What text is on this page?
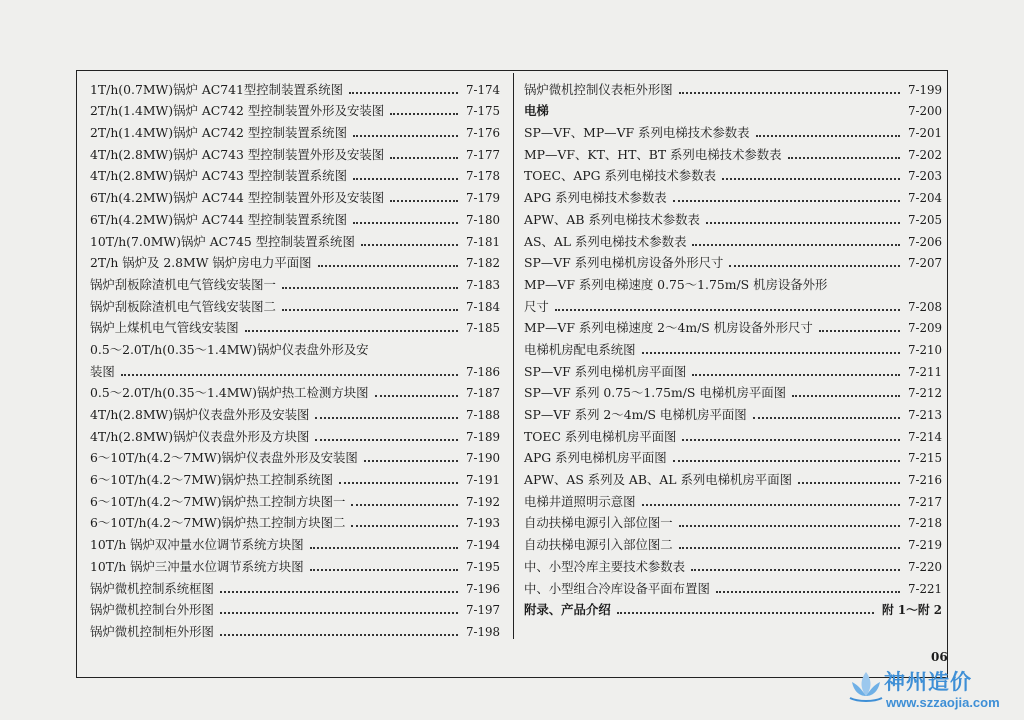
1T/h(0.7MW)锅炉 AC741型控制装置系统图	7-174
2T/h(1.4MW)锅炉 AC742 型控制装置外形及安装图	7-175
2T/h(1.4MW)锅炉 AC742 型控制装置系统图	7-176
4T/h(2.8MW)锅炉 AC743 型控制装置外形及安装图	7-177
4T/h(2.8MW)锅炉 AC743 型控制装置系统图	7-178
6T/h(4.2MW)锅炉 AC744 型控制装置外形及安装图	7-179
6T/h(4.2MW)锅炉 AC744 型控制装置系统图	7-180
10T/h(7.0MW)锅炉 AC745 型控制装置系统图	7-181
2T/h 锅炉及 2.8MW 锅炉房电力平面图	7-182
锅炉刮板除渣机电气管线安装图一	7-183
锅炉刮板除渣机电气管线安装图二	7-184
锅炉上煤机电气管线安装图	7-185
0.5～2.0T/h(0.35～1.4MW)锅炉仪表盘外形及安
装图	7-186
0.5～2.0T/h(0.35～1.4MW)锅炉热工检测方块图	7-187
4T/h(2.8MW)锅炉仪表盘外形及安装图	7-188
4T/h(2.8MW)锅炉仪表盘外形及方块图	7-189
6～10T/h(4.2～7MW)锅炉仪表盘外形及安装图	7-190
6～10T/h(4.2～7MW)锅炉热工控制系统图	7-191
6～10T/h(4.2～7MW)锅炉热工控制方块图一	7-192
6～10T/h(4.2～7MW)锅炉热工控制方块图二	7-193
10T/h 锅炉双冲量水位调节系统方块图	7-194
10T/h 锅炉三冲量水位调节系统方块图	7-195
锅炉微机控制系统框图	7-196
锅炉微机控制台外形图	7-197
锅炉微机控制柜外形图	7-198
锅炉微机控制仪表柜外形图	7-199
电梯	7-200
SP—VF、MP—VF 系列电梯技术参数表	7-201
MP—VF、KT、HT、BT 系列电梯技术参数表	7-202
TOEC、APG 系列电梯技术参数表	7-203
APG 系列电梯技术参数表	7-204
APW、AB 系列电梯技术参数表	7-205
AS、AL 系列电梯技术参数表	7-206
SP—VF 系列电梯机房设备外形尺寸	7-207
MP—VF 系列电梯速度 0.75～1.75m/S 机房设备外形
尺寸	7-208
MP—VF 系列电梯速度 2～4m/S 机房设备外形尺寸	7-209
电梯机房配电系统图	7-210
SP—VF 系列电梯机房平面图	7-211
SP—VF 系列 0.75～1.75m/S 电梯机房平面图	7-212
SP—VF 系列 2～4m/S 电梯机房平面图	7-213
TOEC 系列电梯机房平面图	7-214
APG 系列电梯机房平面图	7-215
APW、AS 系列及 AB、AL 系列电梯机房平面图	7-216
电梯井道照明示意图	7-217
自动扶梯电源引入部位图一	7-218
自动扶梯电源引入部位图二	7-219
中、小型冷库主要技术参数表	7-220
中、小型组合冷库设备平面布置图	7-221
附录、产品介绍	附 1～附 2
06
神州造价
www.szzaojia.com
